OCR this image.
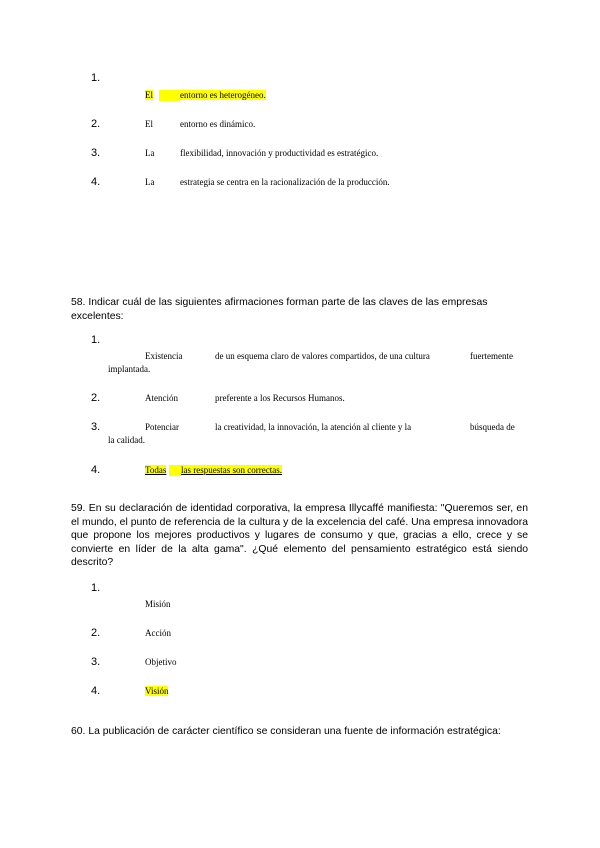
1.
El	entorno es heterogéneo.
2.	El	entorno es dinámico.
3.	La	flexibilidad, innovación y productividad es estratégico.
4.	La	estrategia se centra en la racionalización de la producción.
58. Indicar cuál de las siguientes afirmaciones forman parte de las claves de las empresas excelentes:
1.
Existencia	de un esquema claro de valores compartidos, de una cultura	fuertemente
implantada.
2.	Atención	preferente a los Recursos Humanos.
3.	Potenciar	la creatividad, la innovación, la atención al cliente y la	búsqueda de
la calidad.
4.	Todas las respuestas son correctas.
59. En su declaración de identidad corporativa, la empresa Illycaffé manifiesta: "Queremos ser, en el mundo, el punto de referencia de la cultura y de la excelencia del café. Una empresa innovadora que propone los mejores productivos y lugares de consumo y que, gracias a ello, crece y se convierte en líder de la alta gama". ¿Qué elemento del pensamiento estratégico está siendo descrito?
1.
Misión
2.	Acción
3.	Objetivo
4.	Visión
60. La publicación de carácter científico se consideran una fuente de información estratégica:
